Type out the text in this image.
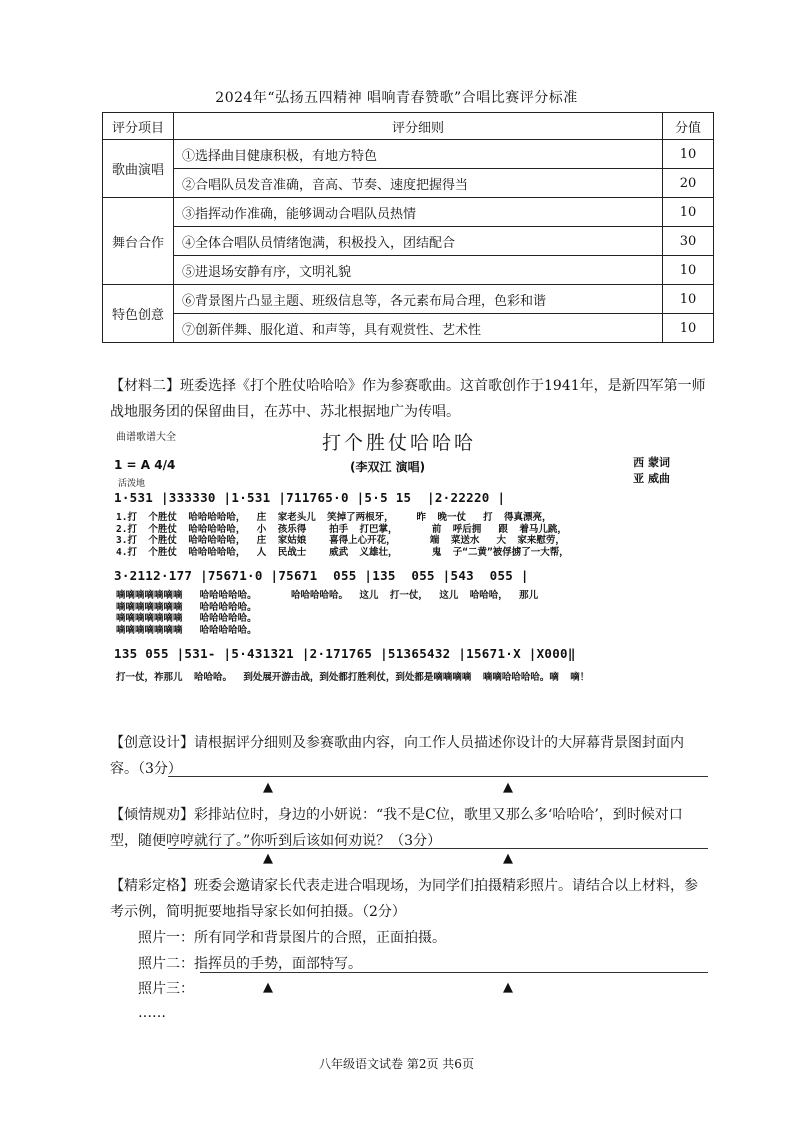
2024年“弘扬五四精神 唱响青春赞歌”合唱比赛评分标准
评分项目	评分细则	分值
歌曲演唱	①选择曲目健康积极，有地方特色	10
	②合唱队员发音准确，音高、节奏、速度把握得当	20
舞台合作	③指挥动作准确，能够调动合唱队员热情	10
	④全体合唱队员情绪饱满，积极投入，团结配合	30
	⑤进退场安静有序，文明礼貌	10
特色创意	⑥背景图片凸显主题、班级信息等，各元素布局合理，色彩和谐	10
	⑦创新伴舞、服化道、和声等，具有观赏性、艺术性	10
【材料二】班委选择《打个胜仗哈哈哈》作为参赛歌曲。这首歌创作于1941年，是新四军第一师战地服务团的保留曲目，在苏中、苏北根据地广为传唱。
曲谱歌谱大全	打个胜仗哈哈哈
1 = A 4/4
活泼地
(李双江 演唱)	西 蒙词
亚 威曲
1·531 |333330 |1·531 |711765·0 |5·5 15  |2·22220 |
1.打  个胜仗  哈哈哈哈哈，  庄  家老头儿  笑掉了两根牙，    昨  晚一仗   打  得真漂亮，
2.打  个胜仗  哈哈哈哈哈，  小  孩乐得    拍手  打巴掌，      前  呼后拥   跟  着马儿跳，
3.打  个胜仗  哈哈哈哈哈，  庄  家姑娘    喜得上心开花，      端  菜送水   大  家来慰劳，
4.打  个胜仗  哈哈哈哈哈，  人  民战士    威武  义雄壮，      鬼  子“二黄”被俘掳了一大帮，
3·2112·177 |75671·0 |75671  055 |135  055 |543  055 |
嘀嘀嘀嘀嘀嘀嘀   哈哈哈哈哈。      哈哈哈哈哈。  这儿  打一仗，  这儿  哈哈哈，  那儿
嘀嘀嘀嘀嘀嘀嘀   哈哈哈哈哈。
嘀嘀嘀嘀嘀嘀嘀   哈哈哈哈哈。
嘀嘀嘀嘀嘀嘀嘀   哈哈哈哈哈。
135 055 |531- |5·431321 |2·171765 |51365432 |15671·X |X000‖
打一仗，祚那儿  哈哈哈。  到处展开游击战，到处都打胜利仗，到处都是嘀嘀嘀嘀  嘀嘀哈哈哈哈。嘀  嘀！
【创意设计】请根据评分细则及参赛歌曲内容，向工作人员描述你设计的大屏幕背景图封面内容。（3分）
▲	▲
【倾情规劝】彩排站位时，身边的小妍说：“我不是C位，歌里又那么多‘哈哈哈’，到时候对口型，随便哼哼就行了。”你听到后该如何劝说？（3分）
▲	▲
【精彩定格】班委会邀请家长代表走进合唱现场，为同学们拍摄精彩照片。请结合以上材料，参考示例，简明扼要地指导家长如何拍摄。（2分）
照片一：所有同学和背景图片的合照，正面拍摄。
照片二：指挥员的手势，面部特写。
照片三：	▲	▲
……
八年级语文试卷 第2页 共6页
